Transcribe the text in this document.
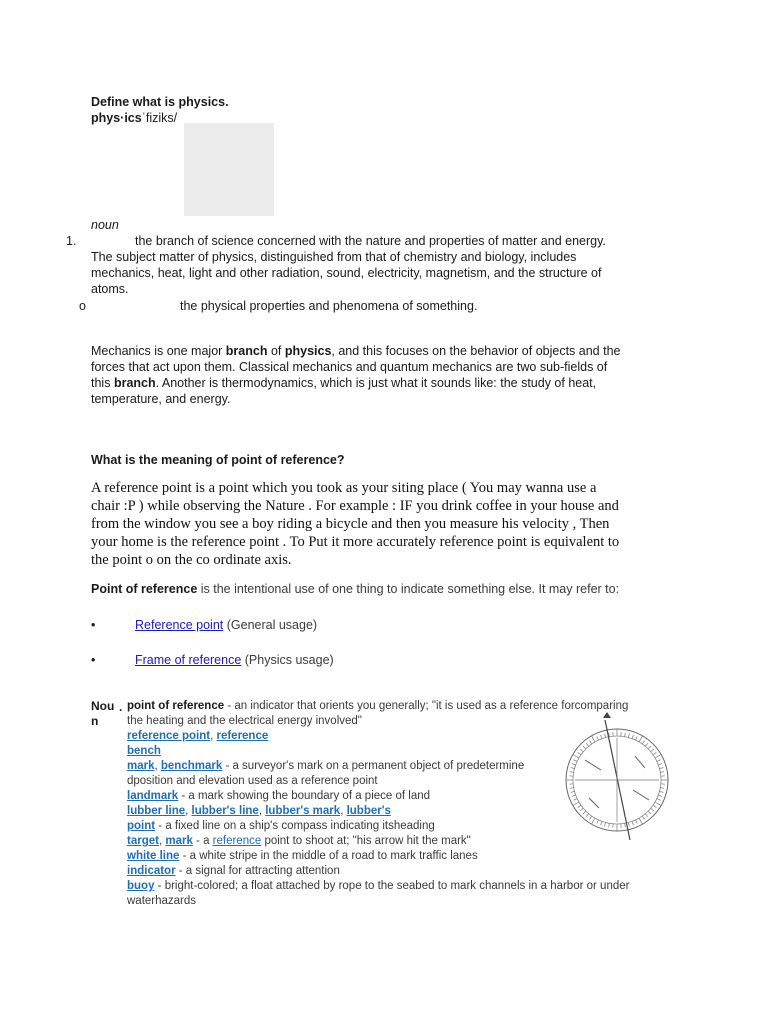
Define what is physics.
phys·icsˈfiziks/
noun
1.	the branch of science concerned with the nature and properties of matter and energy.
The subject matter of physics, distinguished from that of chemistry and biology, includes
mechanics, heat, light and other radiation, sound, electricity, magnetism, and the structure of
atoms.
o	the physical properties and phenomena of something.
Mechanics is one major branch of physics, and this focuses on the behavior of objects and the
forces that act upon them. Classical mechanics and quantum mechanics are two sub-fields of
this branch. Another is thermodynamics, which is just what it sounds like: the study of heat,
temperature, and energy.
What is the meaning of point of reference?
A reference point is a point which you took as your siting place ( You may wanna use a
chair :P ) while observing the Nature . For example : IF you drink coffee in your house and
from the window you see a boy riding a bicycle and then you measure his velocity , Then
your home is the reference point . To Put it more accurately reference point is equivalent to
the point o on the co ordinate axis.
Point of reference is the intentional use of one thing to indicate something else. It may refer to:
•	Reference point (General usage)
•	Frame of reference (Physics usage)
Nou
n
. point of reference - an indicator that orients you generally; "it is used as a reference forcomparing
the heating and the electrical energy involved"
reference point, reference
bench
mark, benchmark - a surveyor's mark on a permanent object of predetermine
dposition and elevation used as a reference point
landmark - a mark showing the boundary of a piece of land
lubber line, lubber's line, lubber's mark, lubber's
point - a fixed line on a ship's compass indicating itsheading
target, mark - a reference point to shoot at; "his arrow hit the mark"
white line - a white stripe in the middle of a road to mark traffic lanes
indicator - a signal for attracting attention
buoy - bright-colored; a float attached by rope to the seabed to mark channels in a harbor or under
waterhazards
